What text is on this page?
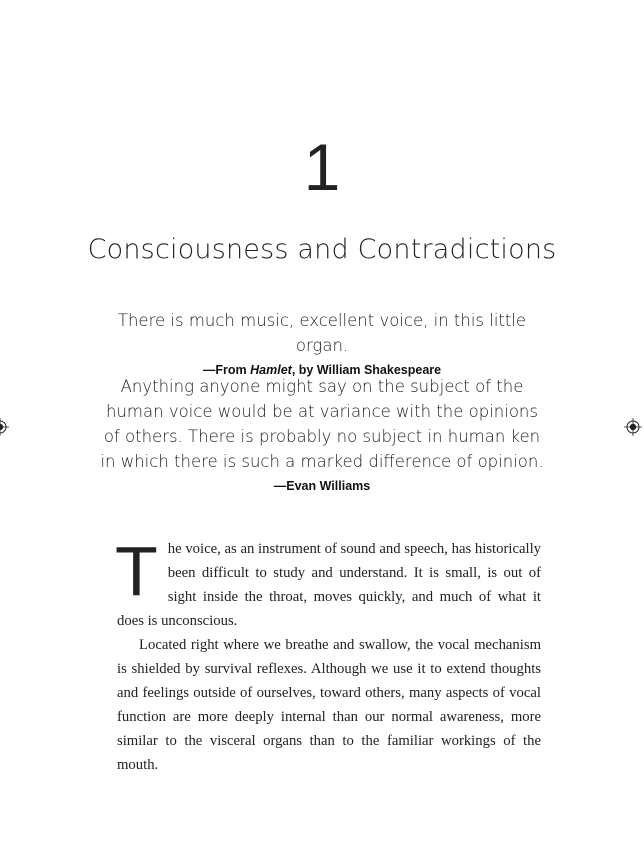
1
Consciousness and Contradictions
There is much music, excellent voice, in this little organ.
—From Hamlet, by William Shakespeare
Anything anyone might say on the subject of the human voice would be at variance with the opinions of others. There is probably no subject in human ken in which there is such a marked difference of opinion.
—Evan Williams

The voice, as an instrument of sound and speech, has historically been difficult to study and understand. It is small, is out of sight inside the throat, moves quickly, and much of what it does is unconscious.

Located right where we breathe and swallow, the vocal mechanism is shielded by survival reflexes. Although we use it to extend thoughts and feelings outside of ourselves, toward others, many aspects of vocal function are more deeply internal than our normal awareness, more similar to the visceral organs than to the familiar workings of the mouth.
